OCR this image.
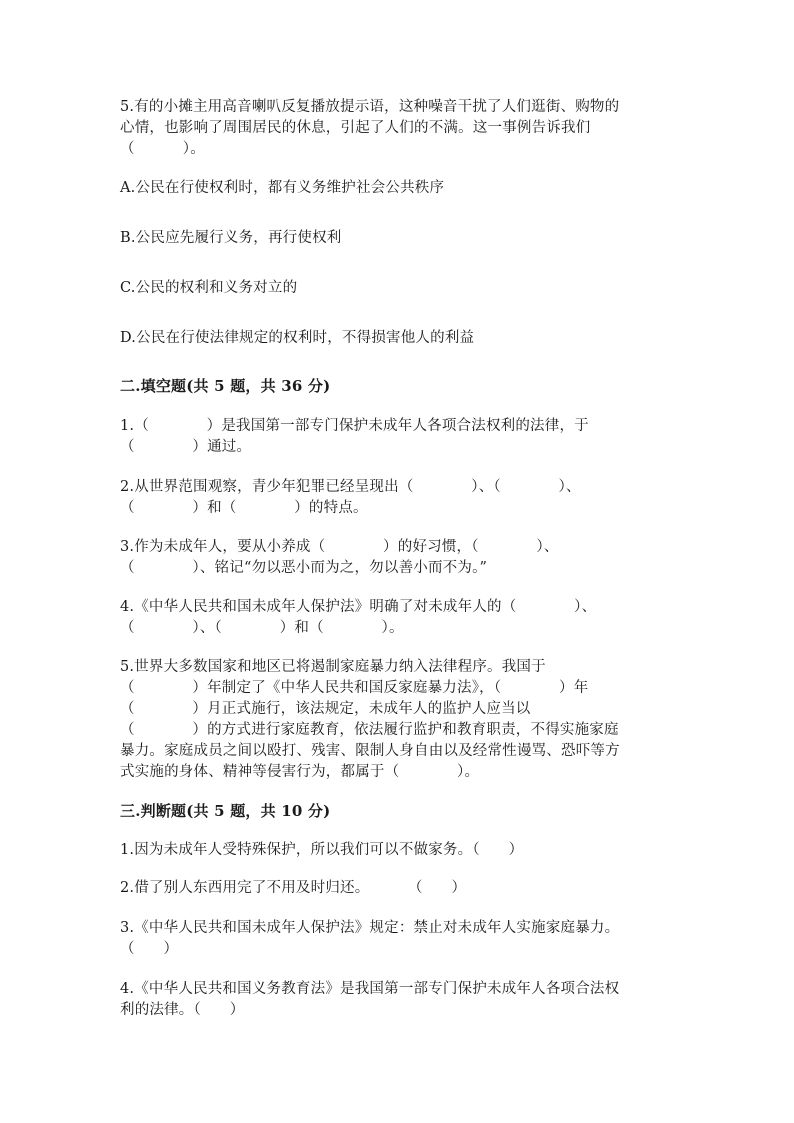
5.有的小摊主用高音喇叭反复播放提示语，这种噪音干扰了人们逛街、购物的
心情，也影响了周围居民的休息，引起了人们的不满。这一事例告诉我们
（          ）。
A.公民在行使权利时，都有义务维护社会公共秩序
B.公民应先履行义务，再行使权利
C.公民的权利和义务对立的
D.公民在行使法律规定的权利时，不得损害他人的利益
二.填空题(共 5 题，共 36 分)
1.（            ）是我国第一部专门保护未成年人各项合法权利的法律，于
（            ）通过。
2.从世界范围观察，青少年犯罪已经呈现出（            ）、（            ）、
（            ）和（            ）的特点。
3.作为未成年人，要从小养成（            ）的好习惯，（            ）、
（            ）、铭记“勿以恶小而为之，勿以善小而不为。”
4.《中华人民共和国未成年人保护法》明确了对未成年人的（            ）、
（            ）、（            ）和（            ）。
5.世界大多数国家和地区已将遏制家庭暴力纳入法律程序。我国于
（            ）年制定了《中华人民共和国反家庭暴力法》，（            ）年
（            ）月正式施行，该法规定，未成年人的监护人应当以
（            ）的方式进行家庭教育，依法履行监护和教育职责，不得实施家庭
暴力。家庭成员之间以殴打、残害、限制人身自由以及经常性谩骂、恐吓等方
式实施的身体、精神等侵害行为，都属于（            ）。
三.判断题(共 5 题，共 10 分)
1.因为未成年人受特殊保护，所以我们可以不做家务。（      ）
2.借了别人东西用完了不用及时归还。        （      ）
3.《中华人民共和国未成年人保护法》规定：禁止对未成年人实施家庭暴力。
（      ）
4.《中华人民共和国义务教育法》是我国第一部专门保护未成年人各项合法权
利的法律。（      ）
